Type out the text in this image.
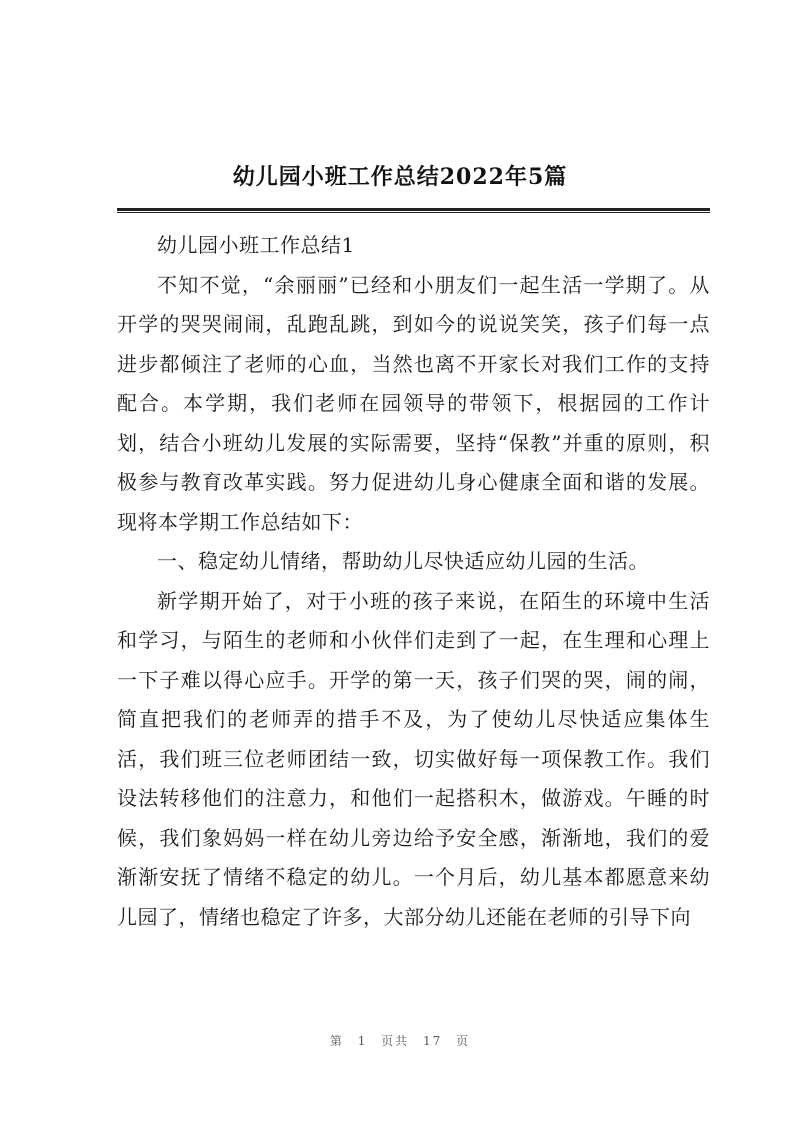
幼儿园小班工作总结2022年5篇

幼儿园小班工作总结1

不知不觉，“余丽丽”已经和小朋友们一起生活一学期了。从开学的哭哭闹闹，乱跑乱跳，到如今的说说笑笑，孩子们每一点进步都倾注了老师的心血，当然也离不开家长对我们工作的支持配合。本学期，我们老师在园领导的带领下，根据园的工作计划，结合小班幼儿发展的实际需要，坚持“保教”并重的原则，积极参与教育改革实践。努力促进幼儿身心健康全面和谐的发展。现将本学期工作总结如下：

一、稳定幼儿情绪，帮助幼儿尽快适应幼儿园的生活。

新学期开始了，对于小班的孩子来说，在陌生的环境中生活和学习，与陌生的老师和小伙伴们走到了一起，在生理和心理上一下子难以得心应手。开学的第一天，孩子们哭的哭，闹的闹，简直把我们的老师弄的措手不及，为了使幼儿尽快适应集体生活，我们班三位老师团结一致，切实做好每一项保教工作。我们设法转移他们的注意力，和他们一起搭积木，做游戏。午睡的时候，我们象妈妈一样在幼儿旁边给予安全感，渐渐地，我们的爱渐渐安抚了情绪不稳定的幼儿。一个月后，幼儿基本都愿意来幼儿园了，情绪也稳定了许多，大部分幼儿还能在老师的引导下向

第 1 页共 17 页
